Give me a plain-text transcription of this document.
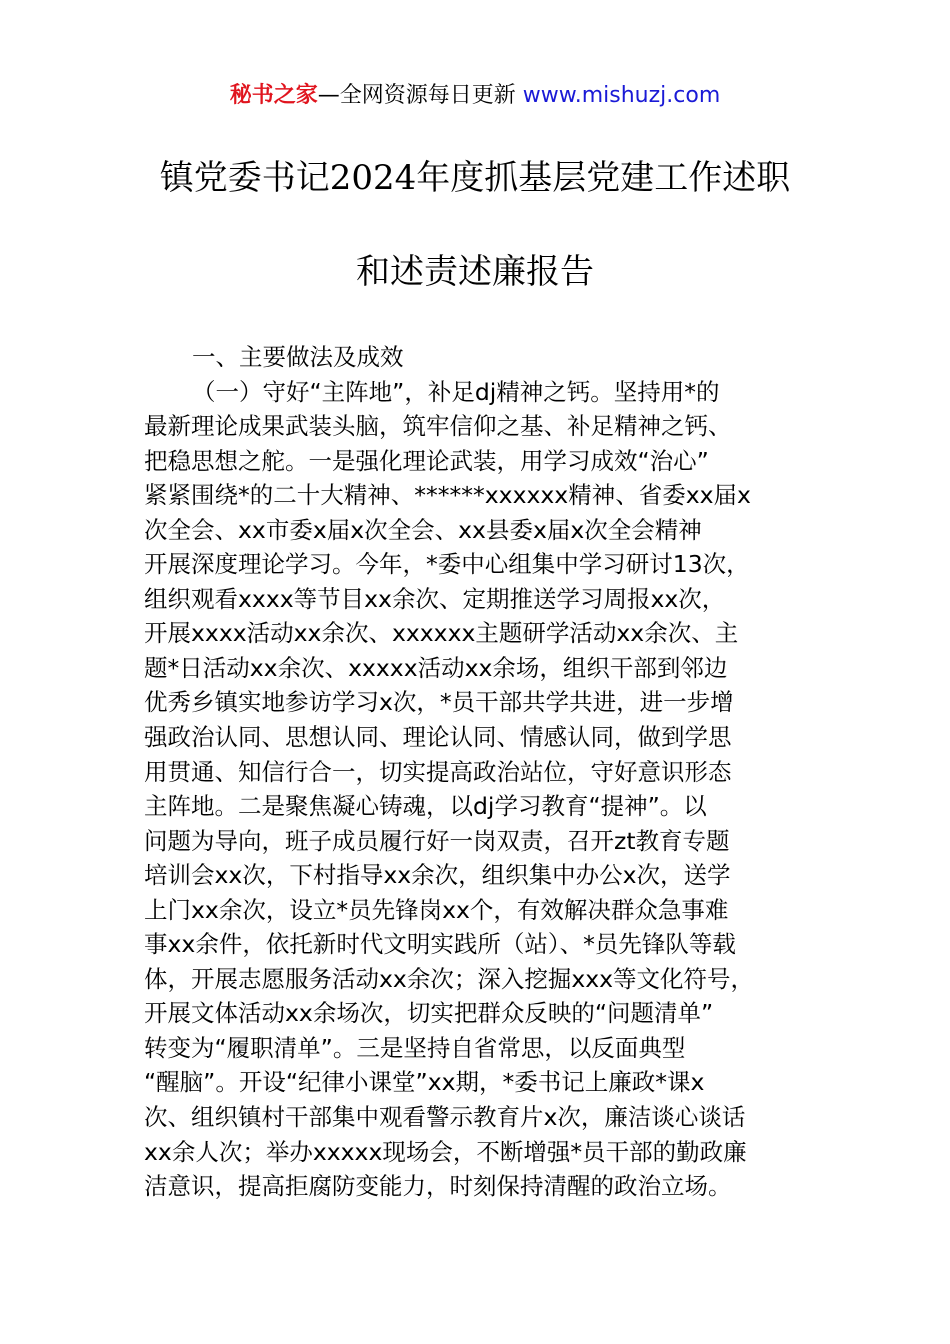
秘书之家—全网资源每日更新 www.mishuzj.com
镇党委书记2024年度抓基层党建工作述职
和述责述廉报告
一、主要做法及成效
（一）守好“主阵地”，补足dj精神之钙。坚持用*的
最新理论成果武装头脑，筑牢信仰之基、补足精神之钙、
把稳思想之舵。一是强化理论武装，用学习成效“治心”
紧紧围绕*的二十大精神、******xxxxxx精神、省委xx届x
次全会、xx市委x届x次全会、xx县委x届x次全会精神
开展深度理论学习。今年，*委中心组集中学习研讨13次，
组织观看xxxx等节目xx余次、定期推送学习周报xx次，
开展xxxx活动xx余次、xxxxxx主题研学活动xx余次、主
题*日活动xx余次、xxxxx活动xx余场，组织干部到邻边
优秀乡镇实地参访学习x次，*员干部共学共进，进一步增
强政治认同、思想认同、理论认同、情感认同，做到学思
用贯通、知信行合一，切实提高政治站位，守好意识形态
主阵地。二是聚焦凝心铸魂，以dj学习教育“提神”。以
问题为导向，班子成员履行好一岗双责，召开zt教育专题
培训会xx次，下村指导xx余次，组织集中办公x次，送学
上门xx余次，设立*员先锋岗xx个，有效解决群众急事难
事xx余件，依托新时代文明实践所（站）、*员先锋队等载
体，开展志愿服务活动xx余次；深入挖掘xxx等文化符号，
开展文体活动xx余场次，切实把群众反映的“问题清单”
转变为“履职清单”。三是坚持自省常思，以反面典型
“醒脑”。开设“纪律小课堂”xx期，*委书记上廉政*课x
次、组织镇村干部集中观看警示教育片x次，廉洁谈心谈话
xx余人次；举办xxxxx现场会，不断增强*员干部的勤政廉
洁意识，提高拒腐防变能力，时刻保持清醒的政治立场。
